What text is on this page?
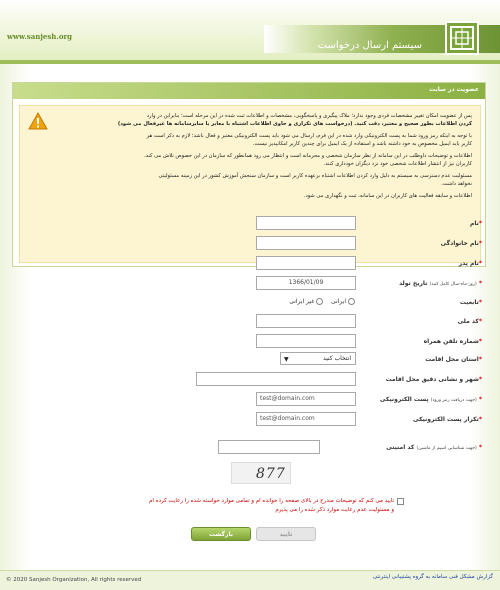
www.sanjesh.org
سیستم ارسال درخواست
عضویت در سایت
پس از عضویت امکان تغییر مشخصات فردی وجود ندارد؛ ملاک پیگیری و پاسخگویی، مشخصات و اطلاعات ثبت شده در این مرحله است؛ بنابراین در وارد
کردن اطلاعات بطور صحیح و معتبر، دقت کنید. (درخواست های تکراری و حاوی اطلاعات اشتباه با معابر یا سایرسامانه ها غیرفعال می شود)
با توجه به اینکه رمز ورود شما به پست الکترونیکی وارد شده در این فرم، ارسال می شود باید پست الکترونیکی معتبر و فعال باشد؛ لازم به ذکر است هر
کاربر باید ایمیل مخصوص به خود داشته باشد و استفاده از یک ایمیل برای چندین کاربر امکانپذیر نیست.
اطلاعات و توضیحات داوطلب در این سامانه از نظر سازمان شخصی و محرمانه است و انتظار می رود همانطور که سازمان در این خصوص تلاش می کند،
کاربران نیز از انتشار اطلاعات شخصی خود نزد دیگران خودداری کنند.
مسئولیت عدم دسترسی به سیستم به دلیل وارد کردن اطلاعات اشتباه برعهده کاربر است و سازمان سنجش آموزش کشور در این زمینه مسئولیتی
نخواهد داشت.
اطلاعات و سابقه فعالیت های کاربران در این سامانه، ثبت و نگهداری می شود.
*نام
*نام خانوادگی
*نام پدر
* (روز-ماه-سال کامل کنید) تاریخ تولد
1366/01/09
*تابعیت
ایرانی    غیر ایرانی
*کد ملی
*شماره تلفن همراه
*استان محل اقامت
انتخاب کنید
▼
*شهر و نشانی دقیق محل اقامت
* (جهت دریافت رمز ورود) پست الکترونیکی
test@domain.com
*تکرار پست الکترونیکی
test@domain.com
* (جهت شناسایی اسپم از ماشین) کد امنیتی
877
تایید می کنم که توضیحات مندرج در بالای صفحه را خوانده ام و تمامی موارد خواسته شده را رعایت کرده ام
و مسئولیت عدم رعایت موارد ذکر شده را می پذیرم
بازگشت	تایید
© 2020 Sanjesh Organization, All rights reserved	گزارش مشکل فنی سامانه به گروه پشتیبانی اینترنتی
